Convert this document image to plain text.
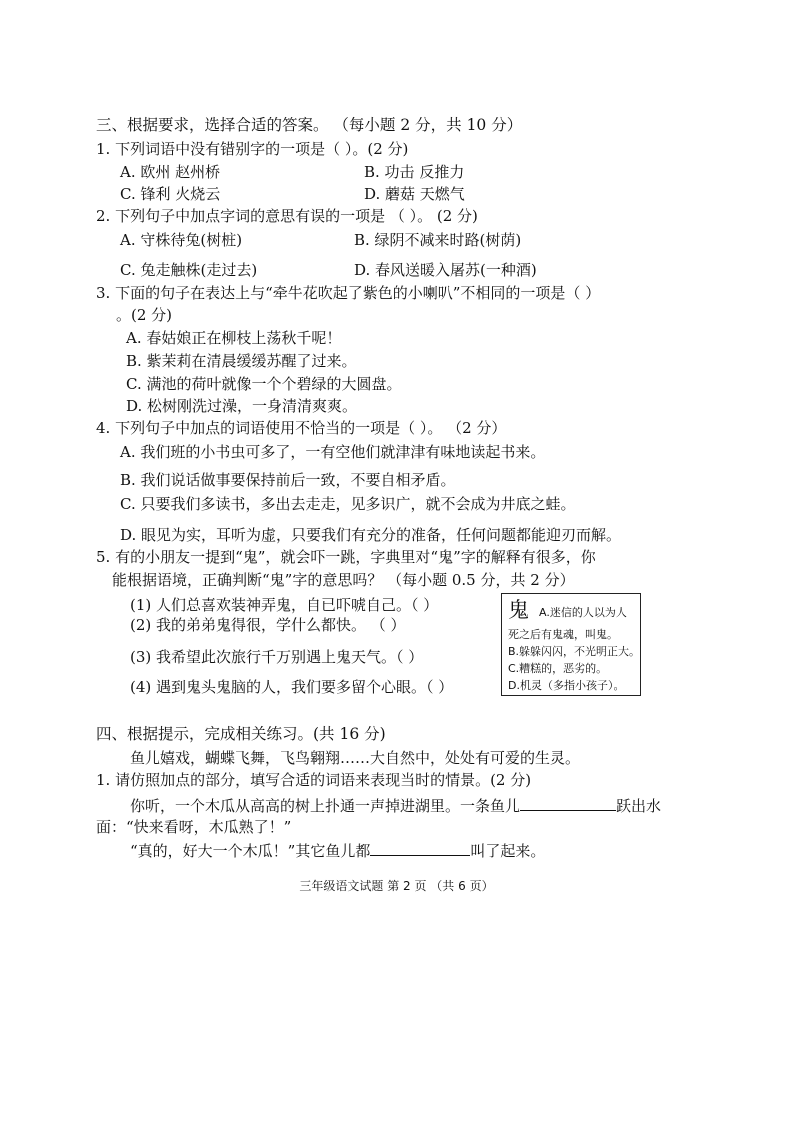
三、根据要求，选择合适的答案。 （每小题 2 分，共 10 分）
1. 下列词语中没有错别字的一项是（ ）。(2 分)
A. 欧州 赵州桥	B. 功击 反推力
C. 锋利 火烧云	D. 蘑菇 天燃气
2. 下列句子中加点字词的意思有误的一项是 （ ）。 (2 分)
A. 守株待兔(树桩)	B. 绿阴不减来时路(树荫)
C. 兔走触株(走过去)	D. 春风送暖入屠苏(一种酒)
3. 下面的句子在表达上与“牵牛花吹起了紫色的小喇叭”不相同的一项是（ ）
。(2 分)
A. 春姑娘正在柳枝上荡秋千呢！
B. 紫茉莉在清晨缓缓苏醒了过来。
C. 满池的荷叶就像一个个碧绿的大圆盘。
D. 松树刚洗过澡，一身清清爽爽。
4. 下列句子中加点的词语使用不恰当的一项是（ ）。 （2 分）
A. 我们班的小书虫可多了，一有空他们就津津有味地读起书来。
B. 我们说话做事要保持前后一致，不要自相矛盾。
C. 只要我们多读书，多出去走走，见多识广，就不会成为井底之蛙。
D. 眼见为实，耳听为虚，只要我们有充分的准备，任何问题都能迎刃而解。
5. 有的小朋友一提到“鬼”，就会吓一跳，字典里对“鬼”字的解释有很多，你
能根据语境，正确判断“鬼”字的意思吗？ （每小题 0.5 分，共 2 分）
(1) 人们总喜欢装神弄鬼，自已吓唬自己。（ ）
(2) 我的弟弟鬼得很，学什么都快。 （ ）
(3) 我希望此次旅行千万别遇上鬼天气。（ ）
(4) 遇到鬼头鬼脑的人，我们要多留个心眼。（ ）
鬼 A.迷信的人以为人
死之后有鬼魂，叫鬼。
B.躲躲闪闪，不光明正大。
C.糟糕的，恶劣的。
D.机灵（多指小孩子）。
四、根据提示，完成相关练习。(共 16 分)
鱼儿嬉戏，蝴蝶飞舞，飞鸟翱翔……大自然中，处处有可爱的生灵。
1. 请仿照加点的部分，填写合适的词语来表现当时的情景。(2 分)
你听，一个木瓜从高高的树上扑通一声掉进湖里。一条鱼儿	跃出水
面：“快来看呀，木瓜熟了！”
“真的，好大一个木瓜！”其它鱼儿都	叫了起来。
三年级语文试题 第 2 页 （共 6 页）
